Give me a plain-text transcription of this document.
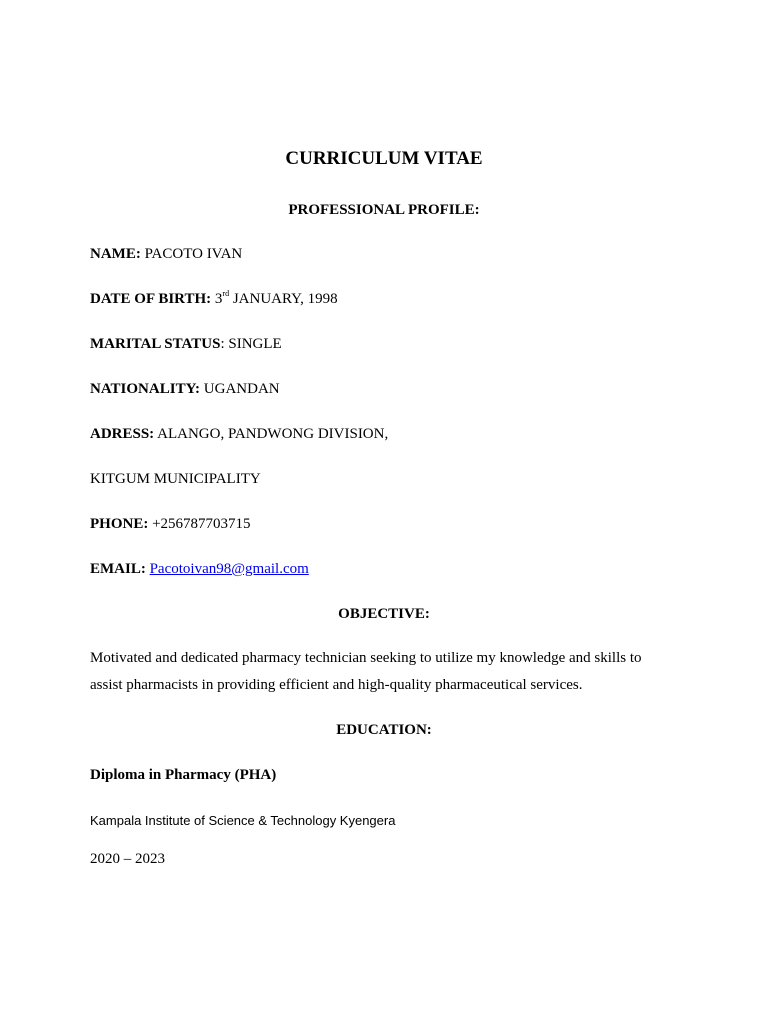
CURRICULUM VITAE
PROFESSIONAL PROFILE:
NAME: PACOTO IVAN
DATE OF BIRTH: 3rd JANUARY, 1998
MARITAL STATUS: SINGLE
NATIONALITY: UGANDAN
ADRESS: ALANGO, PANDWONG DIVISION,
KITGUM MUNICIPALITY
PHONE: +256787703715
EMAIL: Pacotoivan98@gmail.com
OBJECTIVE:
Motivated and dedicated pharmacy technician seeking to utilize my knowledge and skills to assist pharmacists in providing efficient and high-quality pharmaceutical services.
EDUCATION:
Diploma in Pharmacy (PHA)
Kampala Institute of Science & Technology Kyengera
2020 – 2023
